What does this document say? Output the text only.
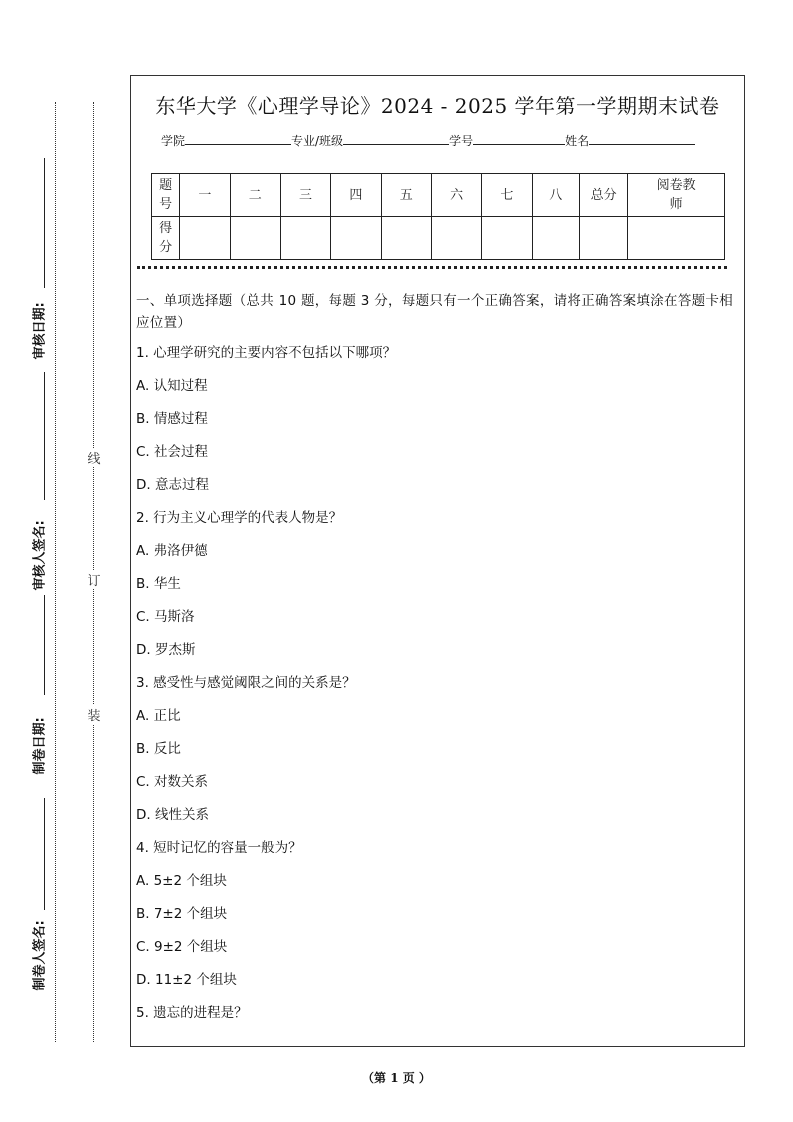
审核日期:
审核人签名:
制卷日期:
制卷人签名:
线
订
装
东华大学《心理学导论》2024 - 2025 学年第一学期期末试卷
学院	专业/班级	学号	姓名
题号	一	二	三	四	五	六	七	八	总分	阅卷教师
得分										
一、单项选择题（总共 10 题，每题 3 分，每题只有一个正确答案，请将正确答案填涂在答题卡相应位置）
1. 心理学研究的主要内容不包括以下哪项？
A. 认知过程
B. 情感过程
C. 社会过程
D. 意志过程
2. 行为主义心理学的代表人物是？
A. 弗洛伊德
B. 华生
C. 马斯洛
D. 罗杰斯
3. 感受性与感觉阈限之间的关系是？
A. 正比
B. 反比
C. 对数关系
D. 线性关系
4. 短时记忆的容量一般为？
A. 5±2 个组块
B. 7±2 个组块
C. 9±2 个组块
D. 11±2 个组块
5. 遗忘的进程是？
（第 1 页 ）
